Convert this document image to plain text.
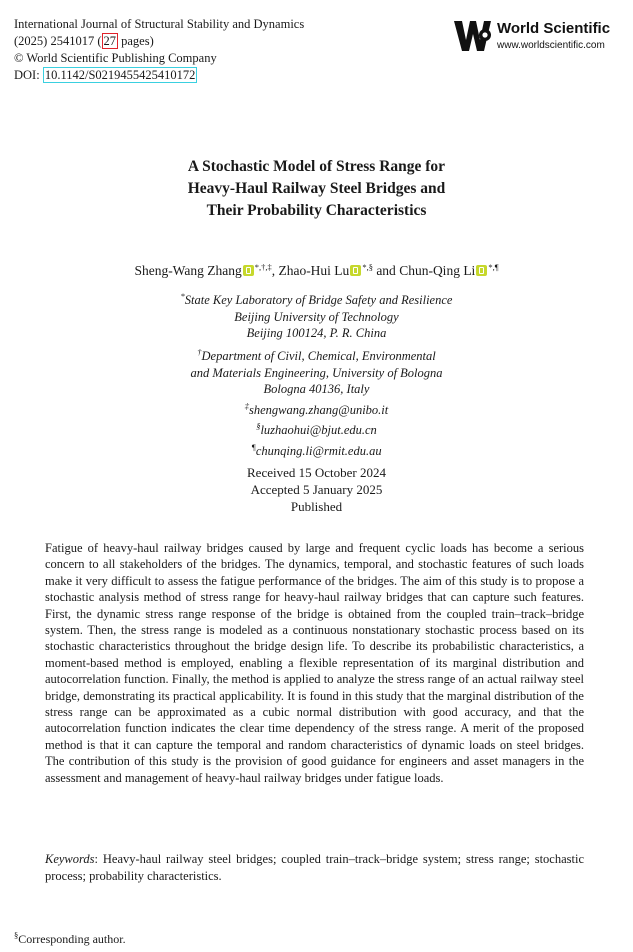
International Journal of Structural Stability and Dynamics
(2025) 2541017 ( 27 pages)
© World Scientific Publishing Company
DOI: 10.1142/S0219455425410172
World Scientific
www.worldscientific.com
A Stochastic Model of Stress Range for
Heavy-Haul Railway Steel Bridges and
Their Probability Characteristics
Sheng-Wang Zhang *,†,‡, Zhao-Hui Lu *,§ and Chun-Qing Li *,¶
*State Key Laboratory of Bridge Safety and Resilience
Beijing University of Technology
Beijing 100124, P. R. China
†Department of Civil, Chemical, Environmental
and Materials Engineering, University of Bologna
Bologna 40136, Italy
‡shengwang.zhang@unibo.it
§luzhaohui@bjut.edu.cn
¶chunqing.li@rmit.edu.au
Received 15 October 2024
Accepted 5 January 2025
Published
Fatigue of heavy-haul railway bridges caused by large and frequent cyclic loads has become a serious concern to all stakeholders of the bridges. The dynamics, temporal, and stochastic features of such loads make it very difficult to assess the fatigue performance of the bridges. The aim of this study is to propose a stochastic analysis method of stress range for heavy-haul railway bridges that can capture such features. First, the dynamic stress range response of the bridge is obtained from the coupled train–track–bridge system. Then, the stress range is modeled as a continuous nonstationary stochastic process based on its stochastic characteristics throughout the bridge design life. To describe its probabilistic characteristics, a moment-based method is employed, enabling a flexible representation of its marginal distribution and autocorrelation function. Finally, the method is applied to analyze the stress range of an actual railway steel bridge, demonstrating its practical applicability. It is found in this study that the marginal distribution of the stress range can be approximated as a cubic normal distribution with good accuracy, and that the autocorrelation function indicates the clear time dependency of the stress range. A merit of the proposed method is that it can capture the temporal and random characteristics of dynamic loads on steel bridges. The contribution of this study is the provision of good guidance for engineers and asset managers in the assessment and management of heavy-haul railway bridges under fatigue loads.
Keywords: Heavy-haul railway steel bridges; coupled train–track–bridge system; stress range; stochastic process; probability characteristics.
§Corresponding author.
